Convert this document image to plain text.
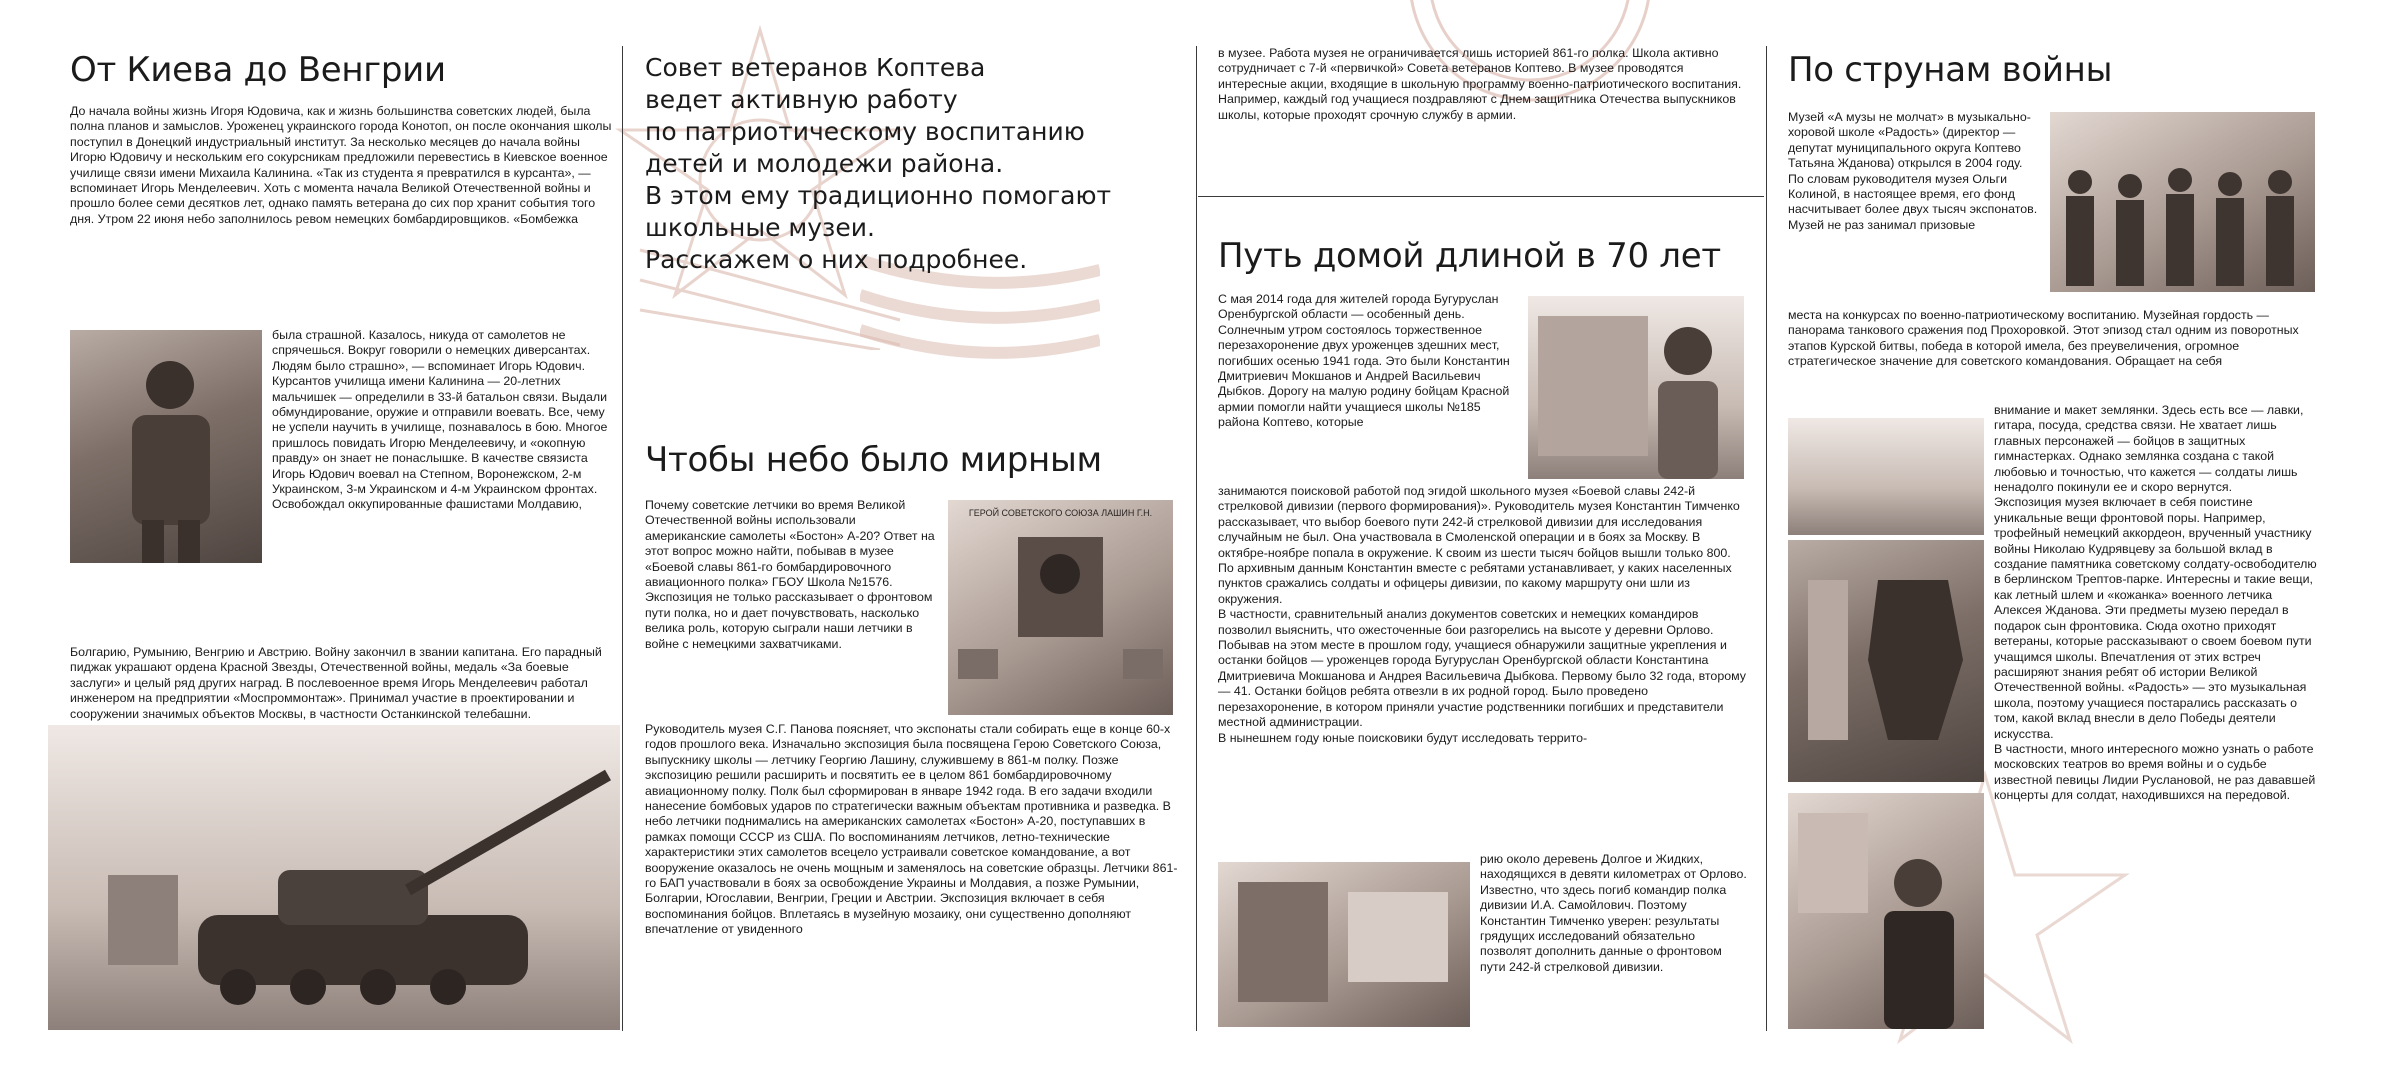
От Киева до Венгрии
До начала войны жизнь Игоря Юдовича, как и жизнь большинства советских людей, была полна планов и замыслов. Уроженец украинского города Конотоп, он после окончания школы поступил в Донецкий индустриальный институт. За несколько месяцев до начала войны Игорю Юдовичу и нескольким его сокурсникам предложили перевестись в Киевское военное училище связи имени Михаила Калинина. «Так из студента я превратился в курсанта», — вспоминает Игорь Менделеевич. Хоть с момента начала Великой Отечественной войны и прошло более семи десятков лет, однако память ветерана до сих пор хранит события того дня. Утром 22 июня небо заполнилось ревом немецких бомбардировщиков. «Бомбежка
была страшной. Казалось, никуда от самолетов не спрячешься. Вокруг говорили о немецких диверсантах. Людям было страшно», — вспоминает Игорь Юдович. Курсантов училища имени Калинина — 20-летних мальчишек — определили в 33-й батальон связи. Выдали обмундирование, оружие и отправили воевать. Все, чему не успели научить в училище, познавалось в бою. Многое пришлось повидать Игорю Менделеевичу, и «окопную правду» он знает не понаслышке. В качестве связиста Игорь Юдович воевал на Степном, Воронежском, 2-м Украинском, 3-м Украинском и 4-м Украинском фронтах. Освобождал оккупированные фашистами Молдавию,
Болгарию, Румынию, Венгрию и Австрию. Войну закончил в звании капитана. Его парадный пиджак украшают ордена Красной Звезды, Отечественной войны, медаль «За боевые заслуги» и целый ряд других наград. В послевоенное время Игорь Менделеевич работал инженером на предприятии «Моспроммонтаж». Принимал участие в проектировании и сооружении значимых объектов Москвы, в частности Останкинской телебашни.
Совет ветеранов Коптева
ведет активную работу
по патриотическому воспитанию
детей и молодежи района.
В этом ему традиционно помогают
школьные музеи.
Расскажем о них подробнее.
Чтобы небо было мирным
Почему советские летчики во время Великой Отечественной войны использовали американские самолеты «Бостон» А-20? Ответ на этот вопрос можно найти, побывав в музее «Боевой славы 861-го бомбардировочного авиационного полка» ГБОУ Школа №1576. Экспозиция не только рассказывает о фронтовом пути полка, но и дает почувствовать, насколько велика роль, которую сыграли наши летчики в войне с немецкими захватчиками.
ГЕРОЙ СОВЕТСКОГО СОЮЗА ЛАШИН Г.Н.
Руководитель музея С.Г. Панова поясняет, что экспонаты стали собирать еще в конце 60-х годов прошлого века. Изначально экспозиция была посвящена Герою Советского Союза, выпускнику школы — летчику Георгию Лашину, служившему в 861-м полку. Позже экспозицию решили расширить и посвятить ее в целом 861 бомбардировочному авиационному полку. Полк был сформирован в январе 1942 года. В его задачи входили нанесение бомбовых ударов по стратегически важным объектам противника и разведка. В небо летчики поднимались на американских самолетах «Бостон» А-20, поступавших в рамках помощи СССР из США. По воспоминаниям летчиков, летно-технические характеристики этих самолетов всецело устраивали советское командование, а вот вооружение оказалось не очень мощным и заменялось на советские образцы. Летчики 861-го БАП участвовали в боях за освобождение Украины и Молдавия, а позже Румынии, Болгарии, Югославии, Венгрии, Греции и Австрии. Экспозиция включает в себя воспоминания бойцов. Вплетаясь в музейную мозаику, они существенно дополняют впечатление от увиденного
в музее. Работа музея не ограничивается лишь историей 861-го полка. Школа активно сотрудничает с 7-й «первичкой» Совета ветеранов Коптево. В музее проводятся интересные акции, входящие в школьную программу военно-патриотического воспитания. Например, каждый год учащиеся поздравляют с Днем защитника Отечества выпускников школы, которые проходят срочную службу в армии.
Путь домой длиной в 70 лет
С мая 2014 года для жителей города Бугуруслан Оренбургской области — особенный день. Солнечным утром состоялось торжественное перезахоронение двух уроженцев здешних мест, погибших осенью 1941 года. Это были Константин Дмитриевич Мокшанов и Андрей Васильевич Дыбков. Дорогу на малую родину бойцам Красной армии помогли найти учащиеся школы №185 района Коптево, которые

занимаются поисковой работой под эгидой школьного музея «Боевой славы 242-й стрелковой дивизии (первого формирования)». Руководитель музея Константин Тимченко рассказывает, что выбор боевого пути 242-й стрелковой дивизии для исследования случайным не был. Она участвовала в Смоленской операции и в боях за Москву. В октябре-ноябре попала в окружение. К своим из шести тысяч бойцов вышли только 800. По архивным данным Константин вместе с ребятами устанавливает, у каких населенных пунктов сражались солдаты и офицеры дивизии, по какому маршруту они шли из окружения.

В частности, сравнительный анализ документов советских и немецких командиров позволил выяснить, что ожесточенные бои разгорелись на высоте у деревни Орлово. Побывав на этом месте в прошлом году, учащиеся обнаружили защитные укрепления и останки бойцов — уроженцев города Бугуруслан Оренбургской области Константина Дмитриевича Мокшанова и Андрея Васильевича Дыбкова. Первому было 32 года, второму — 41. Останки бойцов ребята отвезли в их родной город. Было проведено перезахоронение, в котором приняли участие родственники погибших и представители местной администрации.

В нынешнем году юные поисковики будут исследовать террито-

рию около деревень Долгое и Жидких, находящихся в девяти километрах от Орлово. Известно, что здесь погиб командир полка дивизии И.А. Самойлович. Поэтому Константин Тимченко уверен: результаты грядущих исследований обязательно позволят дополнить данные о фронтовом пути 242-й стрелковой дивизии.
По струнам войны
Музей «А музы не молчат» в музыкально-хоровой школе «Радость» (директор — депутат муниципального округа Коптево Татьяна Жданова) открылся в 2004 году. По словам руководителя музея Ольги Колиной, в настоящее время, его фонд насчитывает более двух тысяч экспонатов. Музей не раз занимал призовые
места на конкурсах по военно-патриотическому воспитанию. Музейная гордость — панорама танкового сражения под Прохоровкой. Этот эпизод стал одним из поворотных этапов Курской битвы, победа в которой имела, без преувеличения, огромное стратегическое значение для советского командования. Обращает на себя

внимание и макет землянки. Здесь есть все — лавки, гитара, посуда, средства связи. Не хватает лишь главных персонажей — бойцов в защитных гимнастерках. Однако землянка создана с такой любовью и точностью, что кажется — солдаты лишь ненадолго покинули ее и скоро вернутся.

Экспозиция музея включает в себя поистине уникальные вещи фронтовой поры. Например, трофейный немецкий аккордеон, врученный участнику войны Николаю Кудрявцеву за большой вклад в создание памятника советскому солдату-освободителю в берлинском Трептов-парке. Интересны и такие вещи, как летный шлем и «кожанка» военного летчика Алексея Жданова. Эти предметы музею передал в подарок сын фронтовика. Сюда охотно приходят ветераны, которые рассказывают о своем боевом пути учащимся школы. Впечатления от этих встреч расширяют знания ребят об истории Великой Отечественной войны. «Радость» — это музыкальная школа, поэтому учащиеся постарались рассказать о том, какой вклад внесли в дело Победы деятели искусства.

В частности, много интересного можно узнать о работе московских театров во время войны и о судьбе известной певицы Лидии Руслановой, не раз дававшей концерты для солдат, находившихся на передовой.
